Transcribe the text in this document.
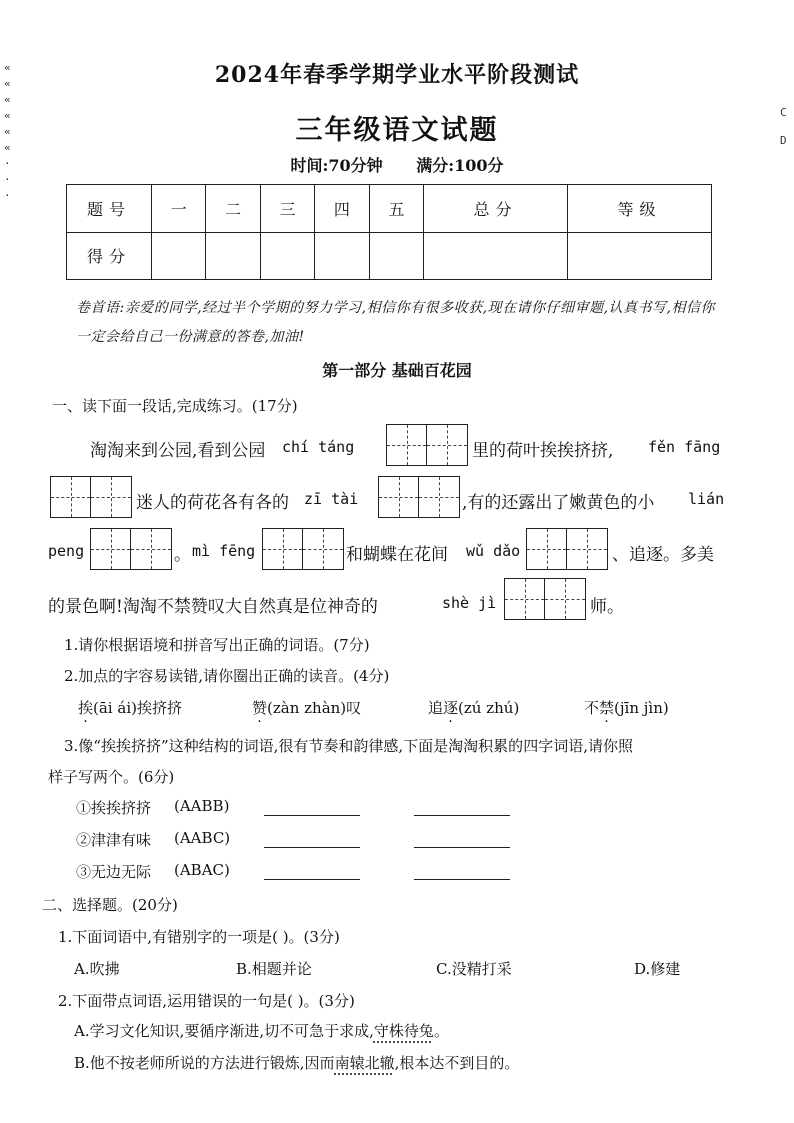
2024年春季学期学业水平阶段测试
三年级语文试题
时间:70分钟 满分:100分
« « « « « «
· · ·
C
D
题号	一	二	三	四	五	总分	等级
得分							
卷首语:亲爱的同学,经过半个学期的努力学习,相信你有很多收获,现在请你仔细审题,认真书写,相信你一定会给自己一份满意的答卷,加油!
第一部分 基础百花园
一、读下面一段话,完成练习。(17分)
淘淘来到公园,看到公园 chí táng	里的荷叶挨挨挤挤, fěn fāng
迷人的荷花各有各的 zī tài	,有的还露出了嫩黄色的小 lián
peng	。 mì fēng	和蝴蝶在花间 wǔ dǎo	、追逐。多美
的景色啊!淘淘不禁赞叹大自然真是位神奇的	shè jì	师。
1.请你根据语境和拼音写出正确的词语。(7分)
2.加点的字容易读错,请你圈出正确的读音。(4分)
挨(āi ái)挨挤挤	赞(zàn zhàn)叹	追逐(zú zhú)	不禁(jīn jìn)
3.像“挨挨挤挤”这种结构的词语,很有节奏和韵律感,下面是淘淘积累的四字词语,请你照
样子写两个。(6分)
①挨挨挤挤 (AABB)
②津津有味 (AABC)
③无边无际 (ABAC)
二、选择题。(20分)
1.下面词语中,有错别字的一项是( )。(3分)
A.吹拂	B.相题并论	C.没精打采	D.修建
2.下面带点词语,运用错误的一句是( )。(3分)
A.学习文化知识,要循序渐进,切不可急于求成,守株待兔。
B.他不按老师所说的方法进行锻炼,因而南辕北辙,根本达不到目的。
